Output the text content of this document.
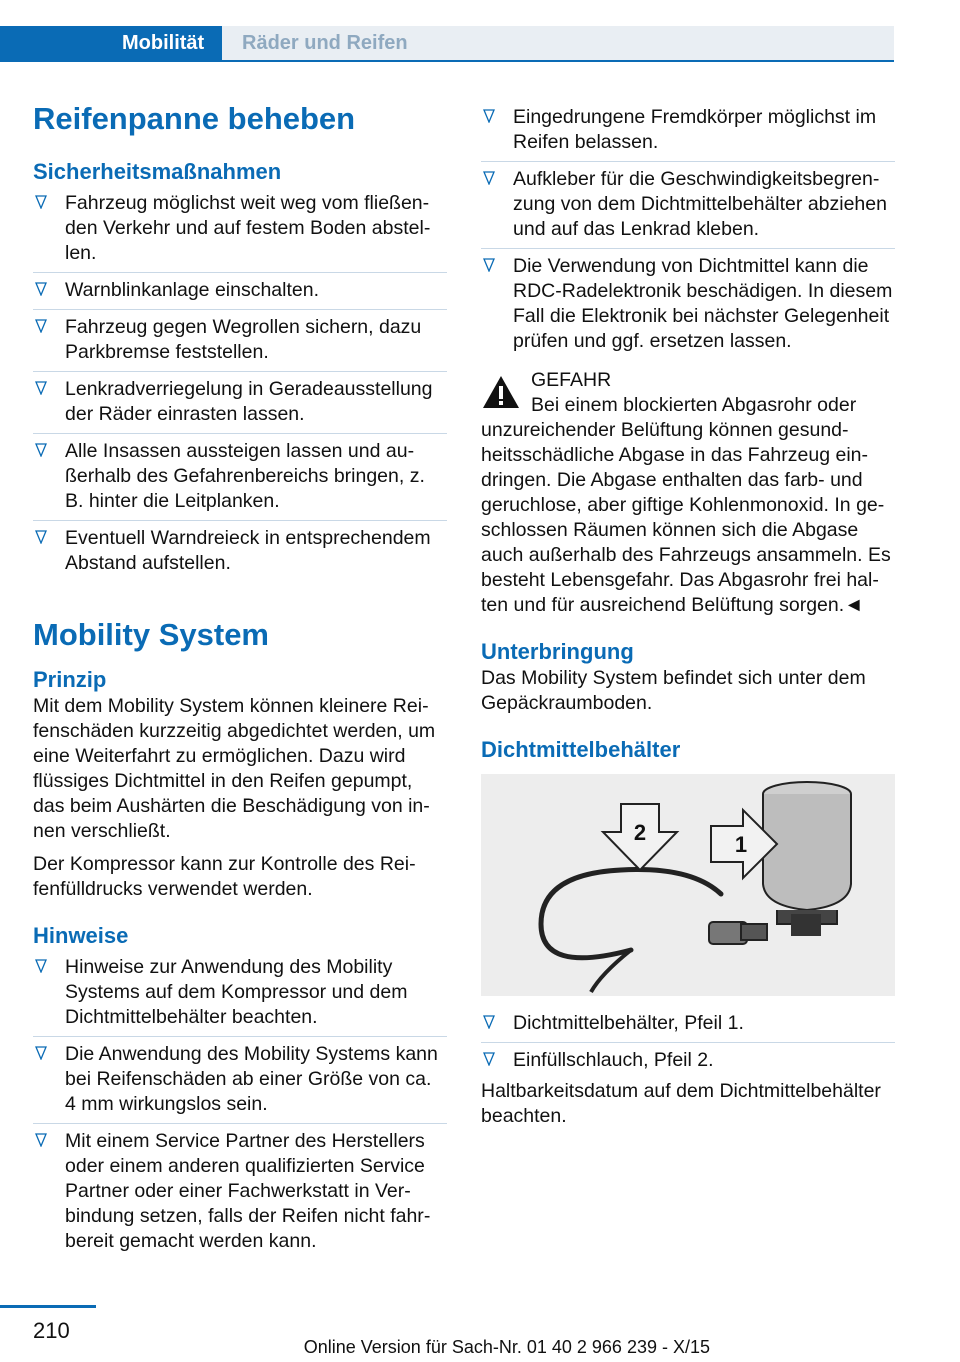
Mobilität	Räder und Reifen
Reifenpanne beheben
Sicherheitsmaßnahmen
Fahrzeug möglichst weit weg vom fließenden Verkehr und auf festem Boden abstellen.
Warnblinkanlage einschalten.
Fahrzeug gegen Wegrollen sichern, dazu Parkbremse feststellen.
Lenkradverriegelung in Geradeausstellung der Räder einrasten lassen.
Alle Insassen aussteigen lassen und außerhalb des Gefahrenbereichs bringen, z. B. hinter die Leitplanken.
Eventuell Warndreieck in entsprechendem Abstand aufstellen.
Mobility System
Prinzip

Mit dem Mobility System können kleinere Reifenschäden kurzzeitig abgedichtet werden, um eine Weiterfahrt zu ermöglichen. Dazu wird flüssiges Dichtmittel in den Reifen gepumpt, das beim Aushärten die Beschädigung von innen verschließt.

Der Kompressor kann zur Kontrolle des Reifenfülldrucks verwendet werden.

Hinweise
Hinweise zur Anwendung des Mobility Systems auf dem Kompressor und dem Dichtmittelbehälter beachten.
Die Anwendung des Mobility Systems kann bei Reifenschäden ab einer Größe von ca. 4 mm wirkungslos sein.
Mit einem Service Partner des Herstellers oder einem anderen qualifizierten Service Partner oder einer Fachwerkstatt in Verbindung setzen, falls der Reifen nicht fahrbereit gemacht werden kann.
Eingedrungene Fremdkörper möglichst im Reifen belassen.
Aufkleber für die Geschwindigkeitsbegrenzung von dem Dichtmittelbehälter abziehen und auf das Lenkrad kleben.
Die Verwendung von Dichtmittel kann die RDC-Radelektronik beschädigen. In diesem Fall die Elektronik bei nächster Gelegenheit prüfen und ggf. ersetzen lassen.
GEFAHR

Bei einem blockierten Abgasrohr oder unzureichender Belüftung können gesundheitsschädliche Abgase in das Fahrzeug eindringen. Die Abgase enthalten das farb- und geruchlose, aber giftige Kohlenmonoxid. In geschlossen Räumen können sich die Abgase auch außerhalb des Fahrzeugs ansammeln. Es besteht Lebensgefahr. Das Abgasrohr frei halten und für ausreichend Belüftung sorgen.◄

Unterbringung

Das Mobility System befindet sich unter dem Gepäckraumboden.

Dichtmittelbehälter
2	1
Dichtmittelbehälter, Pfeil 1.
Einfüllschlauch, Pfeil 2.

Haltbarkeitsdatum auf dem Dichtmittelbehälter beachten.

210
Online Version für Sach-Nr. 01 40 2 966 239 - X/15
